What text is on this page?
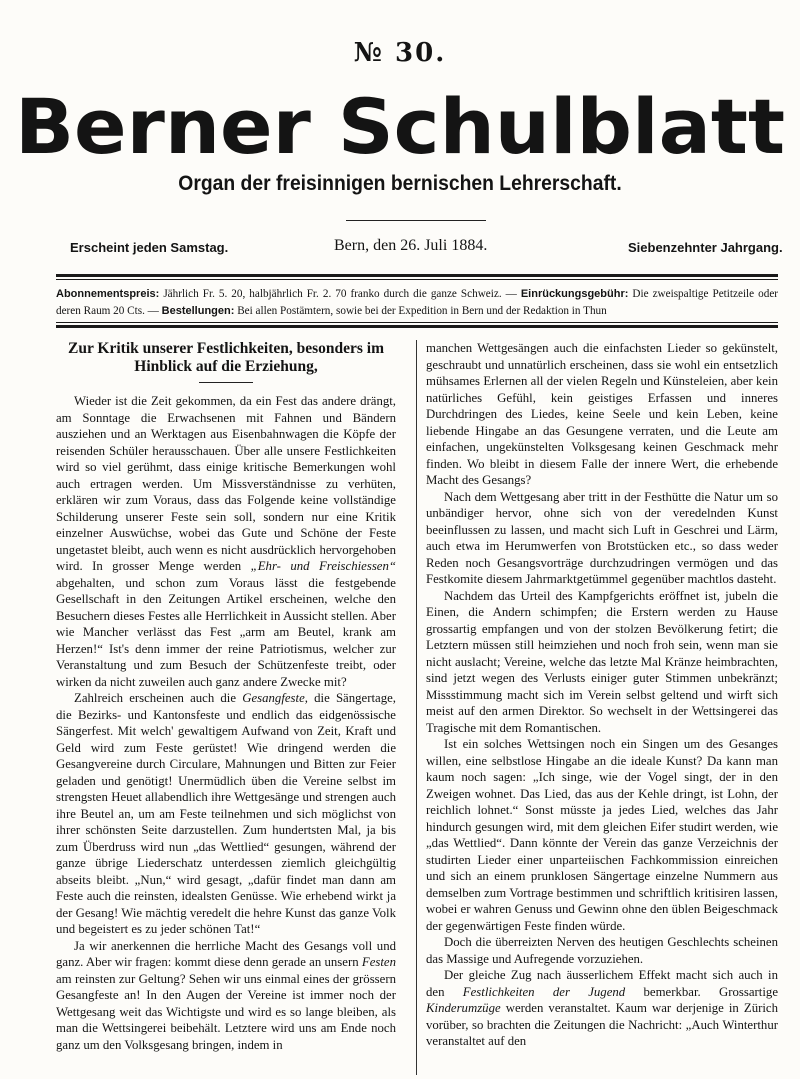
№ 30.
Berner Schulblatt
Organ der freisinnigen bernischen Lehrerschaft.
Erscheint jeden Samstag.	Bern, den 26. Juli 1884.	Siebenzehnter Jahrgang.
Abonnementspreis: Jährlich Fr. 5. 20, halbjährlich Fr. 2. 70 franko durch die ganze Schweiz. — Einrückungsgebühr: Die zweispaltige Petitzeile oder deren Raum 20 Cts. — Bestellungen: Bei allen Postämtern, sowie bei der Expedition in Bern und der Redaktion in Thun
Zur Kritik unserer Festlichkeiten, besonders im Hinblick auf die Erziehung,

Wieder ist die Zeit gekommen, da ein Fest das andere drängt, am Sonntage die Erwachsenen mit Fahnen und Bändern ausziehen und an Werktagen aus Eisenbahnwagen die Köpfe der reisenden Schüler herausschauen. Über alle unsere Festlichkeiten wird so viel gerühmt, dass einige kritische Bemerkungen wohl auch ertragen werden. Um Missverständnisse zu verhüten, erklären wir zum Voraus, dass das Folgende keine vollständige Schilderung unserer Feste sein soll, sondern nur eine Kritik einzelner Auswüchse, wobei das Gute und Schöne der Feste ungetastet bleibt, auch wenn es nicht ausdrücklich hervorgehoben wird. In grosser Menge werden „Ehr- und Freischiessen“ abgehalten, und schon zum Voraus lässt die festgebende Gesellschaft in den Zeitungen Artikel erscheinen, welche den Besuchern dieses Festes alle Herrlichkeit in Aussicht stellen. Aber wie Mancher verlässt das Fest „arm am Beutel, krank am Herzen!“ Ist's denn immer der reine Patriotismus, welcher zur Veranstaltung und zum Besuch der Schützenfeste treibt, oder wirken da nicht zuweilen auch ganz andere Zwecke mit?

Zahlreich erscheinen auch die Gesangfeste, die Sängertage, die Bezirks- und Kantonsfeste und endlich das eidgenössische Sängerfest. Mit welch' gewaltigem Aufwand von Zeit, Kraft und Geld wird zum Feste gerüstet! Wie dringend werden die Gesangvereine durch Circulare, Mahnungen und Bitten zur Feier geladen und genötigt! Unermüdlich üben die Vereine selbst im strengsten Heuet allabendlich ihre Wettgesänge und strengen auch ihre Beutel an, um am Feste teilnehmen und sich möglichst von ihrer schönsten Seite darzustellen. Zum hundertsten Mal, ja bis zum Überdruss wird nun „das Wettlied“ gesungen, während der ganze übrige Liederschatz unterdessen ziemlich gleichgültig abseits bleibt. „Nun,“ wird gesagt, „dafür findet man dann am Feste auch die reinsten, idealsten Genüsse. Wie erhebend wirkt ja der Gesang! Wie mächtig veredelt die hehre Kunst das ganze Volk und begeistert es zu jeder schönen Tat!“

Ja wir anerkennen die herrliche Macht des Gesangs voll und ganz. Aber wir fragen: kommt diese denn gerade an unsern Festen am reinsten zur Geltung? Sehen wir uns einmal eines der grössern Gesangfeste an! In den Augen der Vereine ist immer noch der Wettgesang weit das Wichtigste und wird es so lange bleiben, als man die Wettsingerei beibehält. Letztere wird uns am Ende noch ganz um den Volksgesang bringen, indem in

manchen Wettgesängen auch die einfachsten Lieder so gekünstelt, geschraubt und unnatürlich erscheinen, dass sie wohl ein entsetzlich mühsames Erlernen all der vielen Regeln und Künsteleien, aber kein natürliches Gefühl, kein geistiges Erfassen und inneres Durchdringen des Liedes, keine Seele und kein Leben, keine liebende Hingabe an das Gesungene verraten, und die Leute am einfachen, ungekünstelten Volksgesang keinen Geschmack mehr finden. Wo bleibt in diesem Falle der innere Wert, die erhebende Macht des Gesangs?

Nach dem Wettgesang aber tritt in der Festhütte die Natur um so unbändiger hervor, ohne sich von der veredelnden Kunst beeinflussen zu lassen, und macht sich Luft in Geschrei und Lärm, auch etwa im Herumwerfen von Brotstücken etc., so dass weder Reden noch Gesangsvorträge durchzudringen vermögen und das Festkomite diesem Jahrmarktgetümmel gegenüber machtlos dasteht.

Nachdem das Urteil des Kampfgerichts eröffnet ist, jubeln die Einen, die Andern schimpfen; die Erstern werden zu Hause grossartig empfangen und von der stolzen Bevölkerung fetirt; die Letztern müssen still heimziehen und noch froh sein, wenn man sie nicht auslacht; Vereine, welche das letzte Mal Kränze heimbrachten, sind jetzt wegen des Verlusts einiger guter Stimmen unbekränzt; Missstimmung macht sich im Verein selbst geltend und wirft sich meist auf den armen Direktor. So wechselt in der Wettsingerei das Tragische mit dem Romantischen.

Ist ein solches Wettsingen noch ein Singen um des Gesanges willen, eine selbstlose Hingabe an die ideale Kunst? Da kann man kaum noch sagen: „Ich singe, wie der Vogel singt, der in den Zweigen wohnet. Das Lied, das aus der Kehle dringt, ist Lohn, der reichlich lohnet.“ Sonst müsste ja jedes Lied, welches das Jahr hindurch gesungen wird, mit dem gleichen Eifer studirt werden, wie „das Wettlied“. Dann könnte der Verein das ganze Verzeichnis der studirten Lieder einer unparteiischen Fachkommission einreichen und sich an einem prunklosen Sängertage einzelne Nummern aus demselben zum Vortrage bestimmen und schriftlich kritisiren lassen, wobei er wahren Genuss und Gewinn ohne den üblen Beigeschmack der gegenwärtigen Feste finden würde.

Doch die überreizten Nerven des heutigen Geschlechts scheinen das Massige und Aufregende vorzuziehen.

Der gleiche Zug nach äusserlichem Effekt macht sich auch in den Festlichkeiten der Jugend bemerkbar. Grossartige Kinderumzüge werden veranstaltet. Kaum war derjenige in Zürich vorüber, so brachten die Zeitungen die Nachricht: „Auch Winterthur veranstaltet auf den
